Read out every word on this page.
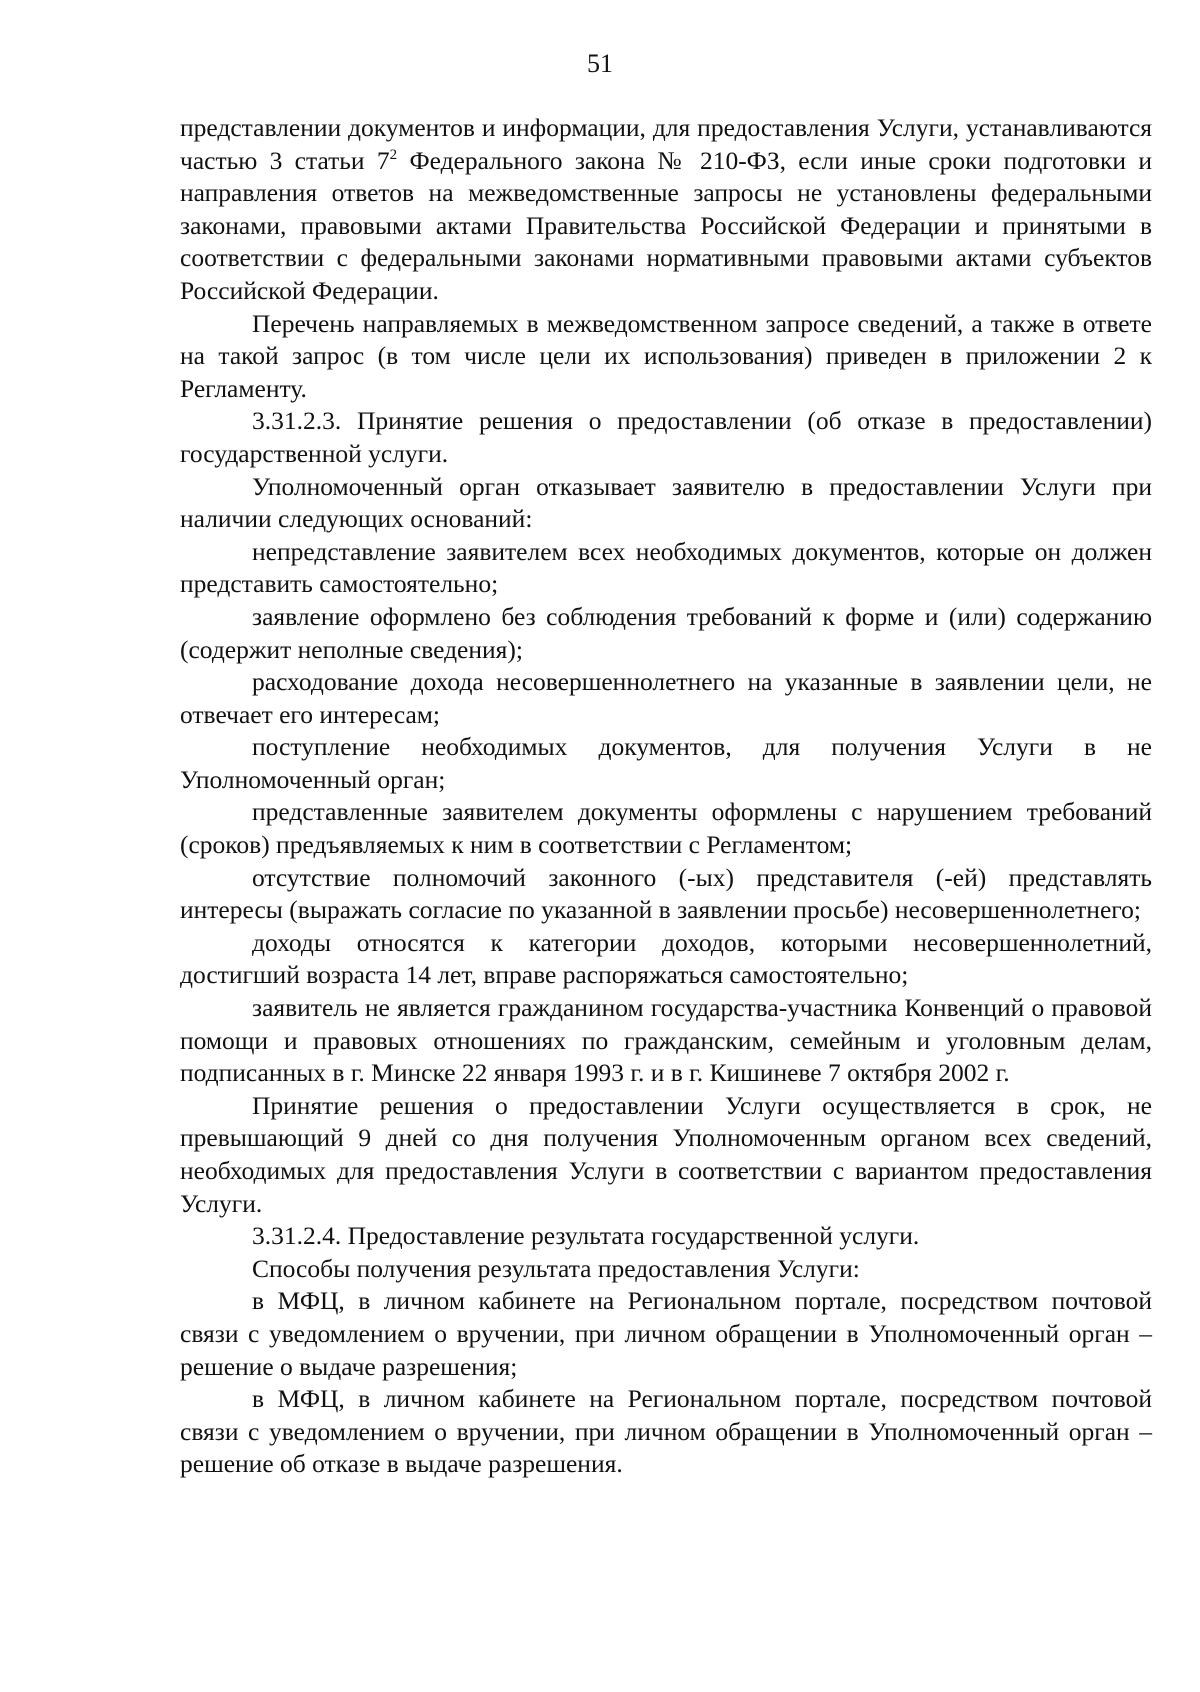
51

представлении документов и информации, для предоставления Услуги, устанавливаются частью 3 статьи $7^2$ Федерального закона № 210-ФЗ, если иные сроки подготовки и направления ответов на межведомственные запросы не установлены федеральными законами, правовыми актами Правительства Российской Федерации и принятыми в соответствии с федеральными законами нормативными правовыми актами субъектов Российской Федерации.

Перечень направляемых в межведомственном запросе сведений, а также в ответе на такой запрос (в том числе цели их использования) приведен в приложении 2 к Регламенту.

3.31.2.3. Принятие решения о предоставлении (об отказе в предоставлении) государственной услуги.

Уполномоченный орган отказывает заявителю в предоставлении Услуги при наличии следующих оснований:

непредставление заявителем всех необходимых документов, которые он должен представить самостоятельно;

заявление оформлено без соблюдения требований к форме и (или) содержанию (содержит неполные сведения);

расходование дохода несовершеннолетнего на указанные в заявлении цели, не отвечает его интересам;

поступление необходимых документов, для получения Услуги в не Уполномоченный орган;

представленные заявителем документы оформлены с нарушением требований (сроков) предъявляемых к ним в соответствии с Регламентом;

отсутствие полномочий законного (-ых) представителя (-ей) представлять интересы (выражать согласие по указанной в заявлении просьбе) несовершеннолетнего;

доходы относятся к категории доходов, которыми несовершеннолетний, достигший возраста 14 лет, вправе распоряжаться самостоятельно;

заявитель не является гражданином государства-участника Конвенций о правовой помощи и правовых отношениях по гражданским, семейным и уголовным делам, подписанных в г. Минске 22 января 1993 г. и в г. Кишиневе 7 октября 2002 г.

Принятие решения о предоставлении Услуги осуществляется в срок, не превышающий 9 дней со дня получения Уполномоченным органом всех сведений, необходимых для предоставления Услуги в соответствии с вариантом предоставления Услуги.

3.31.2.4. Предоставление результата государственной услуги.

Способы получения результата предоставления Услуги:

в МФЦ, в личном кабинете на Региональном портале, посредством почтовой связи с уведомлением о вручении, при личном обращении в Уполномоченный орган – решение о выдаче разрешения;

в МФЦ, в личном кабинете на Региональном портале, посредством почтовой связи с уведомлением о вручении, при личном обращении в Уполномоченный орган – решение об отказе в выдаче разрешения.
